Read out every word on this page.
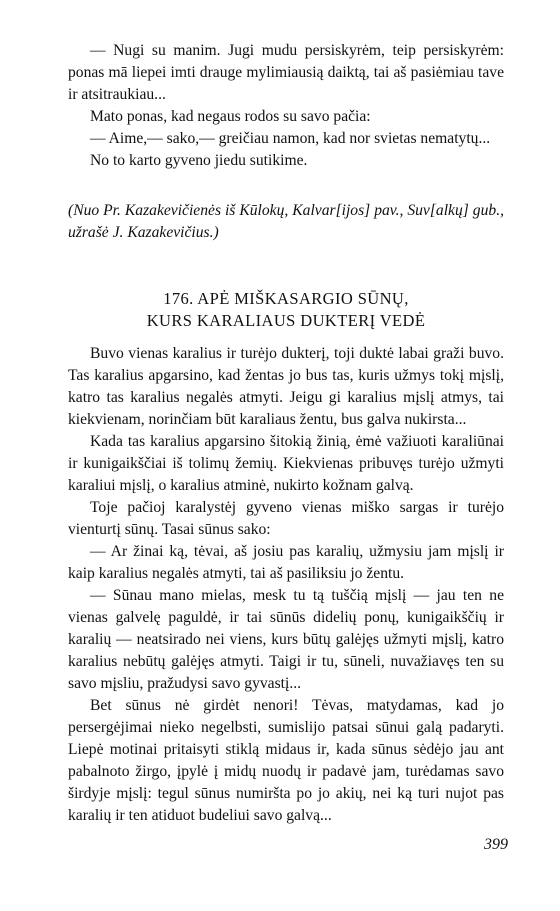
— Nugi su manim. Jugi mudu persiskyrėm, teip persiskyrėm: ponas mā liepei imti drauge mylimiausią daiktą, tai aš pasiėmiau tave ir atsitraukiau...

Mato ponas, kad negaus rodos su savo pačia:

— Aime,— sako,— greičiau namon, kad nor svietas nematytų...

No to karto gyveno jiedu sutikime.

(Nuo Pr. Kazakevičienės iš Kūlokų, Kalvar[ijos] pav., Suv[alkų] gub., užrašė J. Kazakevičius.)

176. APĖ MIŠKASARGIO SŪNŲ,
KURS KARALIAUS DUKTERĮ VEDĖ

Buvo vienas karalius ir turėjo dukterį, toji duktė labai graži buvo. Tas karalius apgarsino, kad žentas jo bus tas, kuris užmys tokį mįslį, katro tas karalius negalės atmyti. Jeigu gi karalius mįslį atmys, tai kiekvienam, norinčiam būt karaliaus žentu, bus galva nukirsta...

Kada tas karalius apgarsino šitokią žinią, ėmė važiuoti karaliūnai ir kunigaikščiai iš tolimų žemių. Kiekvienas pribuvęs turėjo užmyti karaliui mįslį, o karalius atminė, nukirto kožnam galvą.

Toje pačioj karalystėj gyveno vienas miško sargas ir turėjo vienturtį sūnų. Tasai sūnus sako:

— Ar žinai ką, tėvai, aš josiu pas karalių, užmysiu jam mįslį ir kaip karalius negalės atmyti, tai aš pasiliksiu jo žentu.

— Sūnau mano mielas, mesk tu tą tuščią mįslį — jau ten ne vienas galvelę paguldė, ir tai sūnūs didelių ponų, kunigaikščių ir karalių — neatsirado nei viens, kurs būtų galėjęs užmyti mįslį, katro karalius nebūtų galėjęs atmyti. Taigi ir tu, sūneli, nuvažiavęs ten su savo mįsliu, pražudysi savo gyvastį...

Bet sūnus nė girdėt nenori! Tėvas, matydamas, kad jo persergėjimai nieko negelbsti, sumislijo patsai sūnui galą padaryti. Liepė motinai pritaisyti stiklą midaus ir, kada sūnus sėdėjo jau ant pabalnoto žirgo, įpylė į midų nuodų ir padavė jam, turėdamas savo širdyje mįslį: tegul sūnus numiršta po jo akių, nei ką turi nujot pas karalių ir ten atiduot budeliui savo galvą...

399
